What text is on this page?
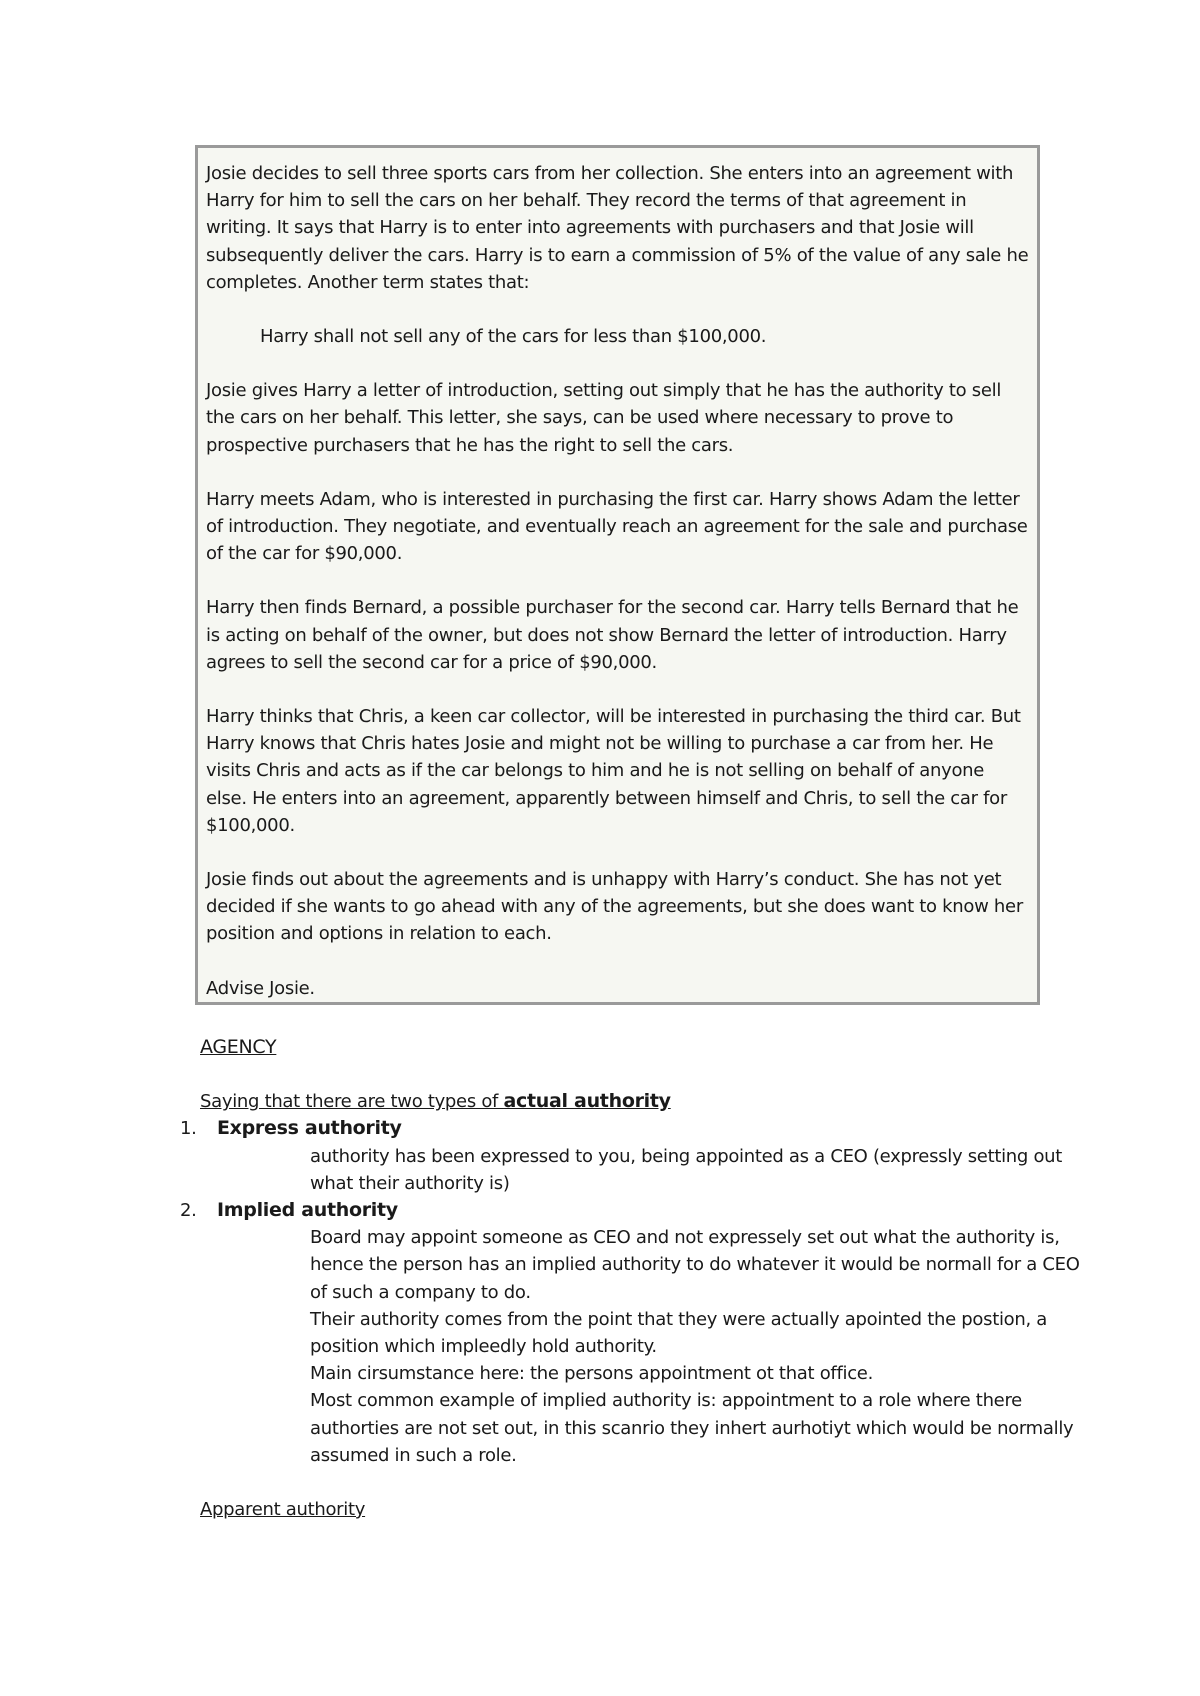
Josie decides to sell three sports cars from her collection. She enters into an agreement with Harry for him to sell the cars on her behalf. They record the terms of that agreement in writing. It says that Harry is to enter into agreements with purchasers and that Josie will subsequently deliver the cars. Harry is to earn a commission of 5% of the value of any sale he completes. Another term states that:

Harry shall not sell any of the cars for less than $100,000.

Josie gives Harry a letter of introduction, setting out simply that he has the authority to sell the cars on her behalf. This letter, she says, can be used where necessary to prove to prospective purchasers that he has the right to sell the cars.

Harry meets Adam, who is interested in purchasing the first car. Harry shows Adam the letter of introduction. They negotiate, and eventually reach an agreement for the sale and purchase of the car for $90,000.

Harry then finds Bernard, a possible purchaser for the second car. Harry tells Bernard that he is acting on behalf of the owner, but does not show Bernard the letter of introduction. Harry agrees to sell the second car for a price of $90,000.

Harry thinks that Chris, a keen car collector, will be interested in purchasing the third car. But Harry knows that Chris hates Josie and might not be willing to purchase a car from her. He visits Chris and acts as if the car belongs to him and he is not selling on behalf of anyone else. He enters into an agreement, apparently between himself and Chris, to sell the car for $100,000.

Josie finds out about the agreements and is unhappy with Harry’s conduct. She has not yet decided if she wants to go ahead with any of the agreements, but she does want to know her position and options in relation to each.

Advise Josie.

AGENCY
Saying that there are two types of actual authority
1. Express authority
authority has been expressed to you, being appointed as a CEO (expressly setting out what their authority is)
2. Implied authority
Board may appoint someone as CEO and not expressely set out what the authority is, hence the person has an implied authority to do whatever it would be normall for a CEO of such a company to do.
Their authority comes from the point that they were actually apointed the postion, a position which impleedly hold authority.
Main cirsumstance here: the persons appointment ot that office.
Most common example of implied authority is: appointment to a role where there authorties are not set out, in this scanrio they inhert aurhotiyt which would be normally assumed in such a role.
Apparent authority
